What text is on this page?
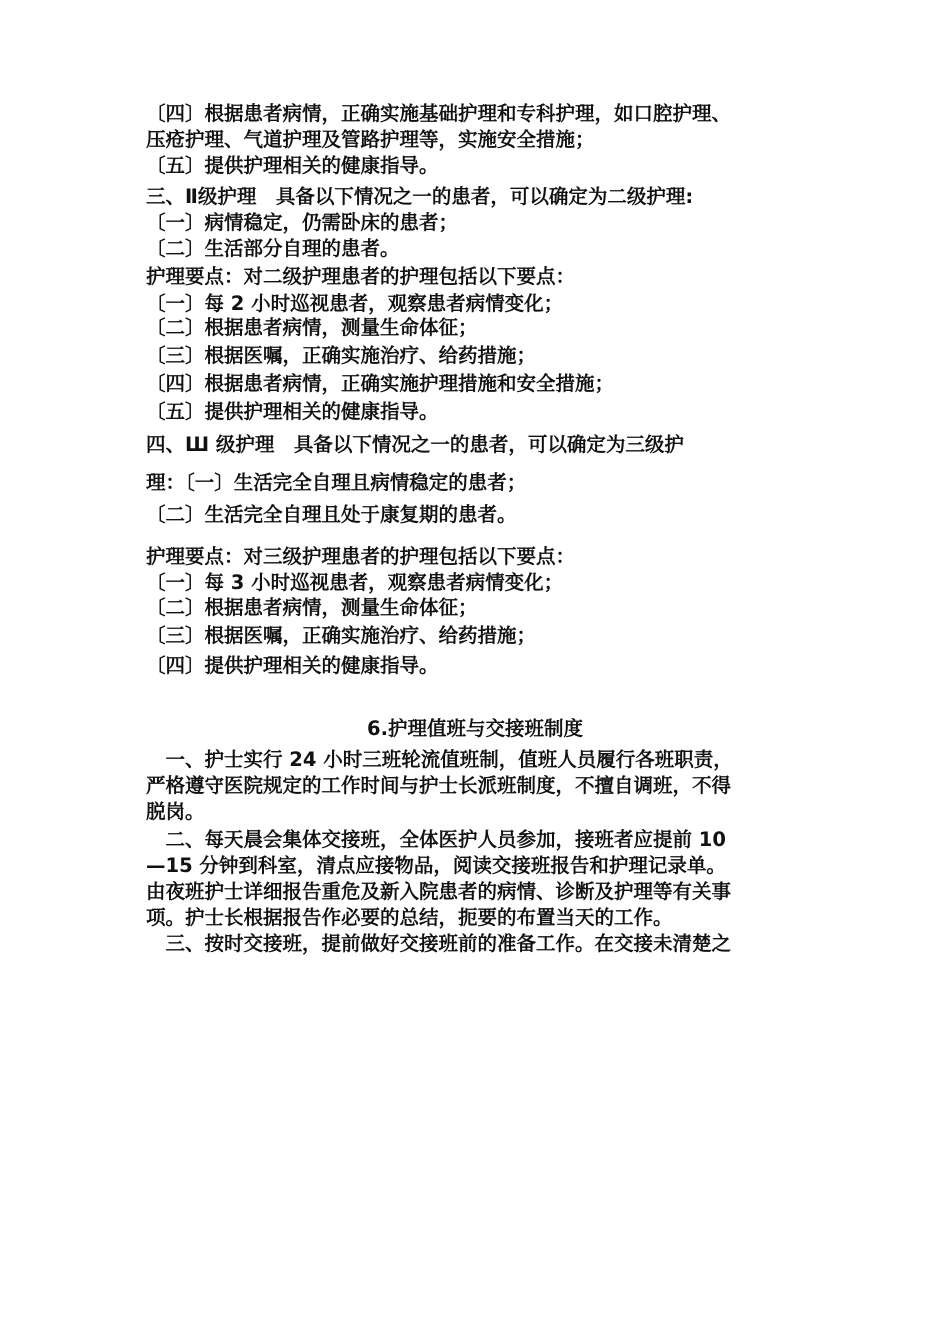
〔四〕根据患者病情，正确实施基础护理和专科护理，如口腔护理、
压疮护理、气道护理及管路护理等，实施安全措施；
〔五〕提供护理相关的健康指导。
三、Ⅱ级护理　具备以下情况之一的患者，可以确定为二级护理:
〔一〕病情稳定，仍需卧床的患者；
〔二〕生活部分自理的患者。
护理要点：对二级护理患者的护理包括以下要点：
〔一〕每 2 小时巡视患者，观察患者病情变化；
〔二〕根据患者病情，测量生命体征；
〔三〕根据医嘱，正确实施治疗、给药措施；
〔四〕根据患者病情，正确实施护理措施和安全措施；
〔五〕提供护理相关的健康指导。
四、Ш 级护理　具备以下情况之一的患者，可以确定为三级护
理：〔一〕生活完全自理且病情稳定的患者；
〔二〕生活完全自理且处于康复期的患者。
护理要点：对三级护理患者的护理包括以下要点：
〔一〕每 3 小时巡视患者，观察患者病情变化；
〔二〕根据患者病情，测量生命体征；
〔三〕根据医嘱，正确实施治疗、给药措施；
〔四〕提供护理相关的健康指导。
6.护理值班与交接班制度
　一、护士实行 24 小时三班轮流值班制，值班人员履行各班职责，
严格遵守医院规定的工作时间与护士长派班制度，不擅自调班，不得
脱岗。
　二、每天晨会集体交接班，全体医护人员参加，接班者应提前 10
—15 分钟到科室，清点应接物品，阅读交接班报告和护理记录单。
由夜班护士详细报告重危及新入院患者的病情、诊断及护理等有关事
项。护士长根据报告作必要的总结，扼要的布置当天的工作。
　三、按时交接班，提前做好交接班前的准备工作。在交接未清楚之
